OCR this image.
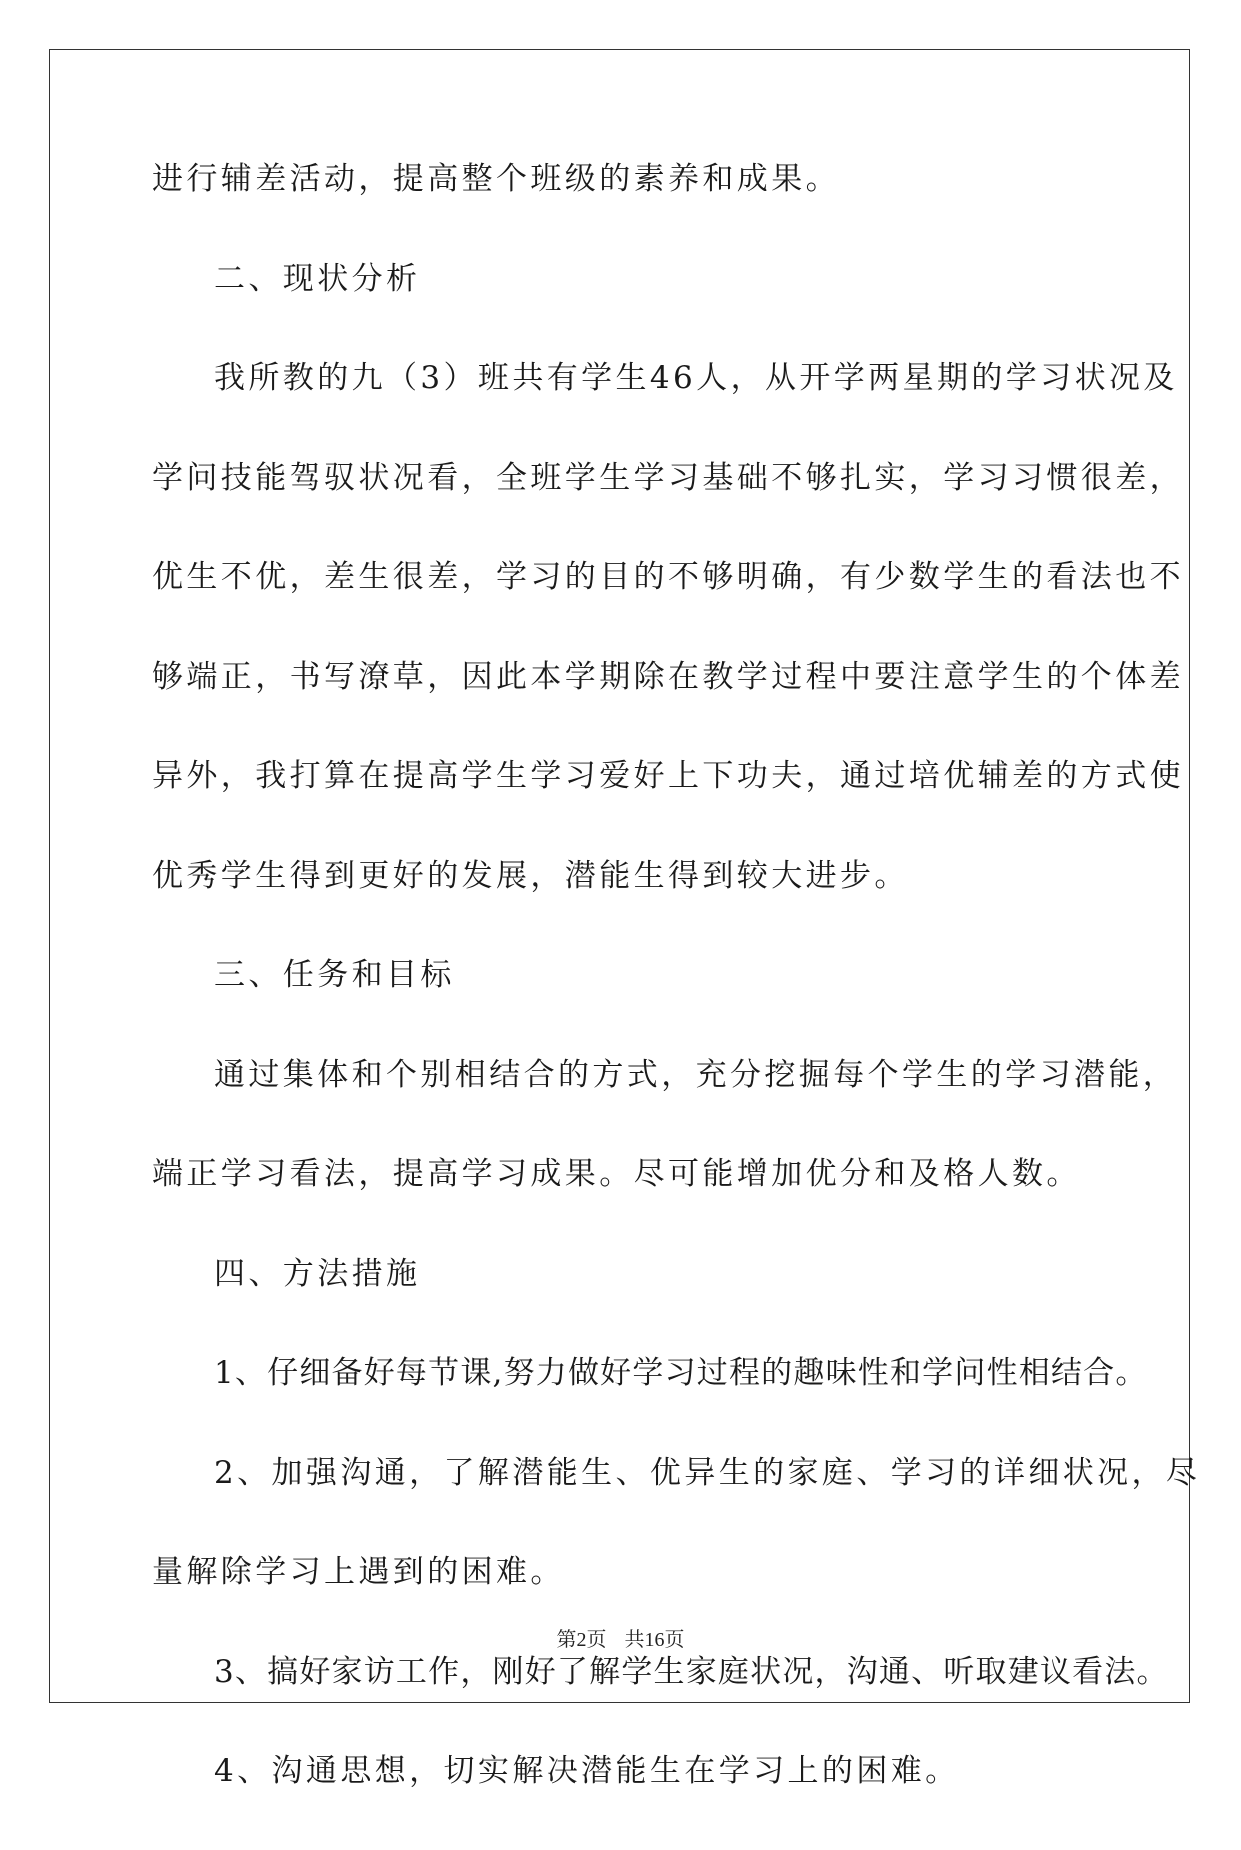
进行辅差活动，提高整个班级的素养和成果。
二、现状分析
我所教的九（3）班共有学生46人，从开学两星期的学习状况及
学问技能驾驭状况看，全班学生学习基础不够扎实，学习习惯很差，
优生不优，差生很差，学习的目的不够明确，有少数学生的看法也不
够端正，书写潦草，因此本学期除在教学过程中要注意学生的个体差
异外，我打算在提高学生学习爱好上下功夫，通过培优辅差的方式使
优秀学生得到更好的发展，潜能生得到较大进步。
三、任务和目标
通过集体和个别相结合的方式，充分挖掘每个学生的学习潜能，
端正学习看法，提高学习成果。尽可能增加优分和及格人数。
四、方法措施
1、仔细备好每节课,努力做好学习过程的趣味性和学问性相结合。
2、加强沟通，了解潜能生、优异生的家庭、学习的详细状况，尽
量解除学习上遇到的困难。
3、搞好家访工作，刚好了解学生家庭状况，沟通、听取建议看法。
4、沟通思想，切实解决潜能生在学习上的困难。
第2页 共16页
